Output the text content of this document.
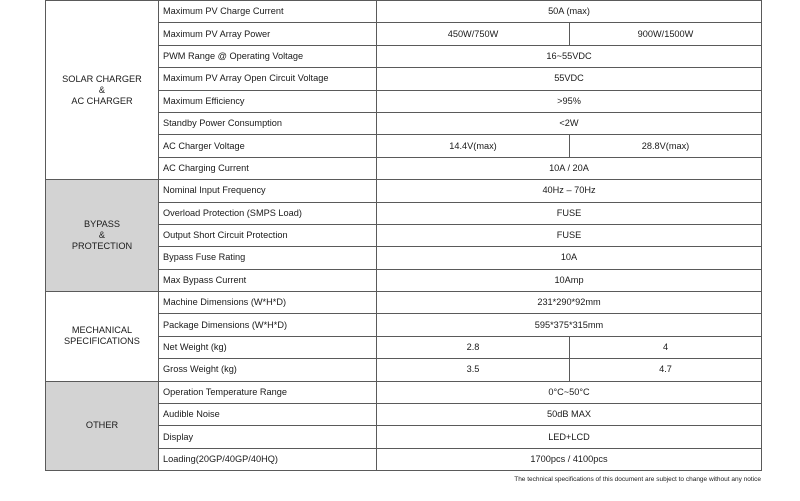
SOLAR CHARGER
&
AC CHARGER	Maximum PV Charge Current	50A (max)	
	Maximum PV Array Power	450W/750W	900W/1500W
	PWM Range @ Operating Voltage	16~55VDC	
	Maximum PV Array Open Circuit Voltage	55VDC	
	Maximum Efficiency	>95%	
	Standby Power Consumption	<2W	
	AC Charger Voltage	14.4V(max)	28.8V(max)
	AC Charging Current	10A / 20A	

BYPASS
&
PROTECTION	Nominal Input Frequency	40Hz – 70Hz	
	Overload Protection (SMPS Load)	FUSE	
	Output Short Circuit Protection	FUSE	
	Bypass Fuse Rating	10A	
	Max Bypass Current	10Amp	

MECHANICAL
SPECIFICATIONS	Machine Dimensions (W*H*D)	231*290*92mm	
	Package Dimensions (W*H*D)	595*375*315mm	
	Net Weight (kg)	2.8	4
	Gross Weight (kg)	3.5	4.7

OTHER	Operation Temperature Range	0°C~50°C	
	Audible Noise	50dB MAX	
	Display	LED+LCD	
	Loading(20GP/40GP/40HQ)	1700pcs / 4100pcs	
The technical specifications of this document are subject to change without any notice
